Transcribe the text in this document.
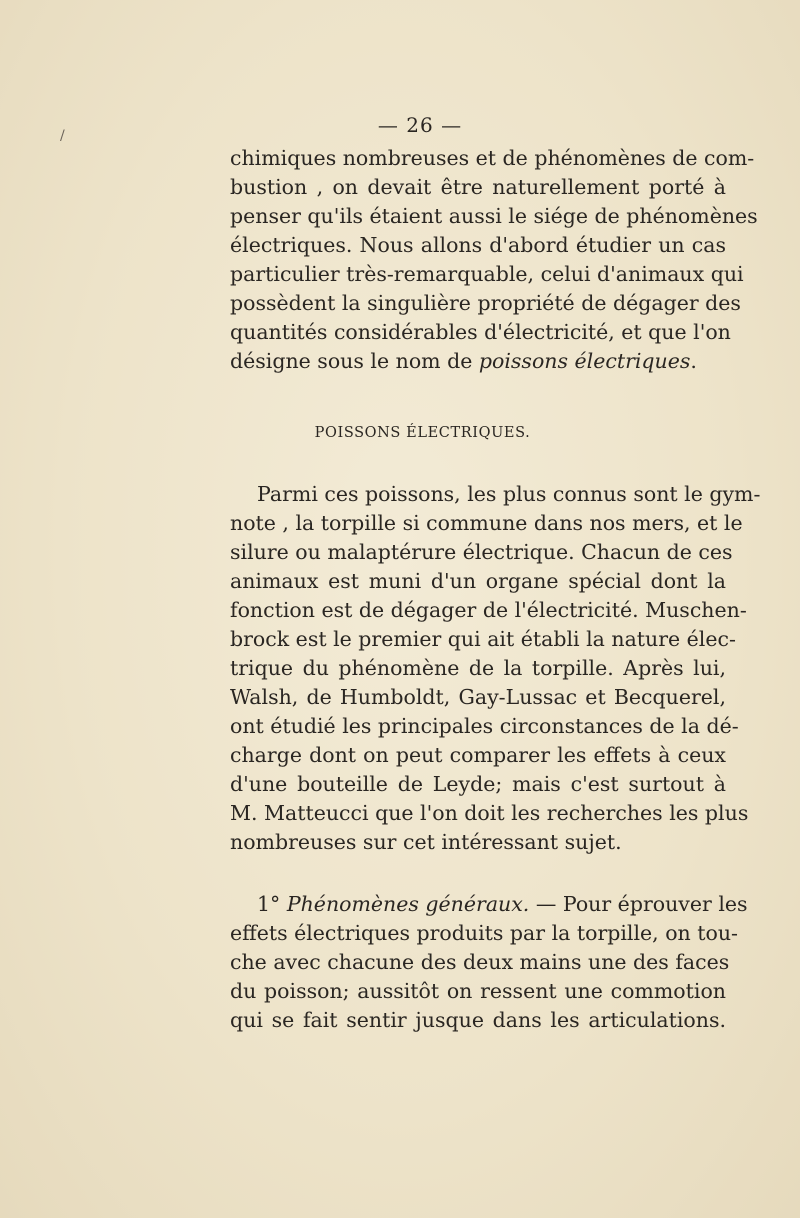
/	— 26 —
chimiques nombreuses et de phénomènes de com-
bustion , on devait être naturellement porté à
penser qu'ils étaient aussi le siége de phénomènes
électriques. Nous allons d'abord étudier un cas
particulier très-remarquable, celui d'animaux qui
possèdent la singulière propriété de dégager des
quantités considérables d'électricité, et que l'on
désigne sous le nom de poissons électriques.
POISSONS ÉLECTRIQUES.
Parmi ces poissons, les plus connus sont le gym-
note , la torpille si commune dans nos mers, et le
silure ou malaptérure électrique. Chacun de ces
animaux est muni d'un organe spécial dont la
fonction est de dégager de l'électricité. Muschen-
brock est le premier qui ait établi la nature élec-
trique du phénomène de la torpille. Après lui,
Walsh, de Humboldt, Gay-Lussac et Becquerel,
ont étudié les principales circonstances de la dé-
charge dont on peut comparer les effets à ceux
d'une bouteille de Leyde; mais c'est surtout à
M. Matteucci que l'on doit les recherches les plus
nombreuses sur cet intéressant sujet.
1° Phénomènes généraux. — Pour éprouver les
effets électriques produits par la torpille, on tou-
che avec chacune des deux mains une des faces
du poisson; aussitôt on ressent une commotion
qui se fait sentir jusque dans les articulations.
